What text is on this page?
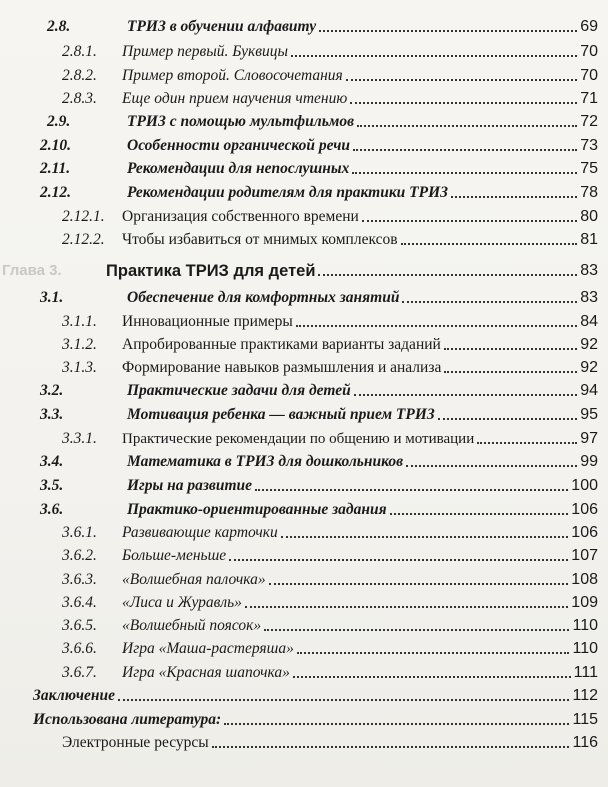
2.8.	ТРИЗ в обучении алфавиту	69
2.8.1.	Пример первый. Буквицы	70
2.8.2.	Пример второй. Словосочетания	70
2.8.3.	Еще один прием научения чтению	71
2.9.	ТРИЗ с помощью мультфильмов	72
2.10.	Особенности органической речи	73
2.11.	Рекомендации для непослушных	75
2.12.	Рекомендации родителям для практики ТРИЗ	78
2.12.1.	Организация собственного времени	80
2.12.2.	Чтобы избавиться от мнимых комплексов	81
Глава 3.	Практика ТРИЗ для детей	83
3.1.	Обеспечение для комфортных занятий	83
3.1.1.	Инновационные примеры	84
3.1.2.	Апробированные практиками варианты заданий	92
3.1.3.	Формирование навыков размышления и анализа	92
3.2.	Практические задачи для детей	94
3.3.	Мотивация ребенка — важный прием ТРИЗ	95
3.3.1.	Практические рекомендации по общению и мотивации	97
3.4.	Математика в ТРИЗ для дошкольников	99
3.5.	Игры на развитие	100
3.6.	Практико-ориентированные задания	106
3.6.1.	Развивающие карточки	106
3.6.2.	Больше-меньше	107
3.6.3.	«Волшебная палочка»	108
3.6.4.	«Лиса и Журавль»	109
3.6.5.	«Волшебный поясок»	110
3.6.6.	Игра «Маша-растеряша»	110
3.6.7.	Игра «Красная шапочка»	111
Заключение	112
Использована литература:	115
Электронные ресурсы	116
